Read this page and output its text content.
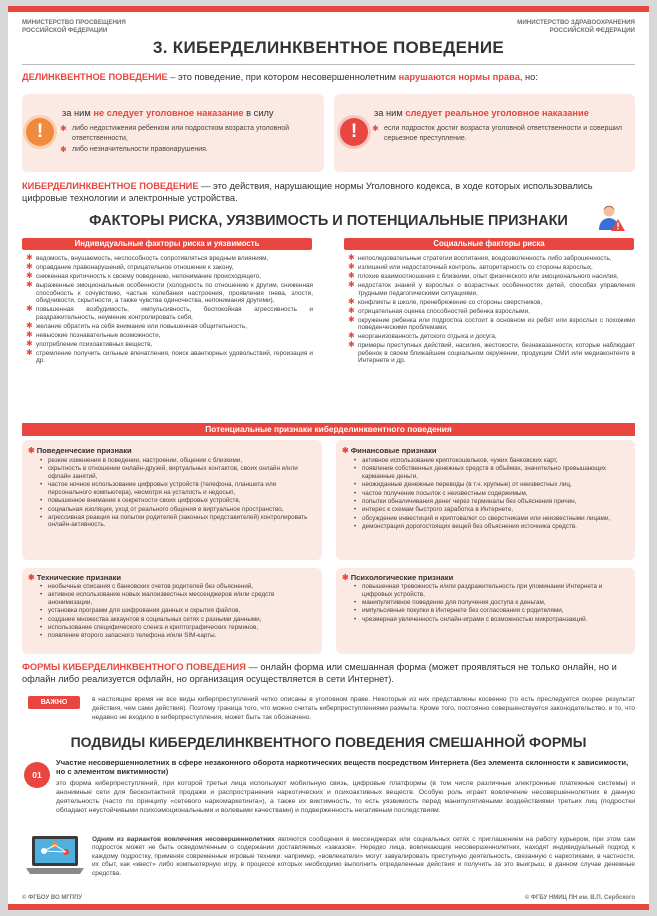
МИНИСТЕРСТВО ПРОСВЕЩЕНИЯ
РОССИЙСКОЙ ФЕДЕРАЦИИ
МИНИСТЕРСТВО ЗДРАВООХРАНЕНИЯ
РОССИЙСКОЙ ФЕДЕРАЦИИ
3. КИБЕРДЕЛИНКВЕНТНОЕ ПОВЕДЕНИЕ
ДЕЛИНКВЕНТНОЕ ПОВЕДЕНИЕ – это поведение, при котором несовершеннолетним нарушаются нормы права, но:
!
за ним не следует уголовное наказание в силу
✱ либо недостижения ребенком или подростком возраста уголовной ответственности,
✱ либо незначительности правонарушения.
!
за ним следует реальное уголовное наказание
✱ если подросток достиг возраста уголовной ответственности и совершил серьезное преступление.
КИБЕРДЕЛИНКВЕНТНОЕ ПОВЕДЕНИЕ — это действия, нарушающие нормы Уголовного кодекса, в ходе которых использовались цифровые технологии и электронные устройства.
ФАКТОРЫ РИСКА, УЯЗВИМОСТЬ И ПОТЕНЦИАЛЬНЫЕ ПРИЗНАКИ
Индивидуальные факторы риска и уязвимость
✱ ведомость, внушаемость, неспособность сопротивляться вредным влияниям,
✱ оправдание правонарушений, отрицательное отношение к закону,
✱ сниженная критичность к своему поведению, непонимание происходящего,
✱ выраженные эмоциональные особенности (холодность по отношению к другим, сниженная способность к сочувствию, частые колебания настроения, проявления гнева, злости, обидчивости, скрытности, а также чувства одиночества, непонимания другими),
✱ повышенная возбудимость, импульсивность, беспокойная агрессивность и раздражительность, неумение контролировать себя,
✱ желание обратить на себя внимание или повышенная общительность,
✱ невысокие познавательные возможности,
✱ употребление психоактивных веществ,
✱ стремление получить сильные впечатления, поиск авантюрных удовольствий, героизация и др.
Социальные факторы риска
✱ непоследовательные стратегии воспитания, вседозволенность либо заброшенность,
✱ излишний или недостаточный контроль, авторитарность со стороны взрослых,
✱ плохие взаимоотношения с близкими, опыт физического или эмоционального насилия,
✱ недостаток знаний у взрослых о возрастных особенностях детей, способах управления трудными педагогическими ситуациями,
✱ конфликты в школе, пренебрежение со стороны сверстников,
✱ отрицательная оценка способностей ребенка взрослыми,
✱ окружение ребенка или подростка состоит в основном из ребят или взрослых с похожими поведенческими проблемами,
✱ неорганизованность детского отдыха и досуга,
✱ примеры преступных действий, насилия, жестокости, безнаказанности, которые наблюдает ребенок в своем ближайшем социальном окружении, продукции СМИ или медиаконтенте в Интернете и др.
Потенциальные признаки киберделинквентного поведения
✱ Поведенческие признаки
• резкие изменения в поведении, настроении, общении с близкими,
• скрытность в отношении онлайн-друзей, виртуальных контактов, своих онлайн и/или офлайн занятий,
• частое ночное использование цифровых устройств (телефона, планшета или персонального компьютера), несмотря на усталость и недосып,
• повышенное внимание к секретности своих цифровых устройств,
• социальная изоляция, уход от реального общения в виртуальное пространство,
• агрессивная реакция на попытки родителей (законных представителей) контролировать онлайн-активность.
✱ Финансовые признаки
• активное использование криптокошельков, чужих банковских карт,
• появление собственных денежных средств в объёмах, значительно превышающих карманные деньги,
• неожиданные денежные переводы (в т.ч. крупные) от неизвестных лиц,
• частое получение посылок с неизвестным содержимым,
• попытки обналичивания денег через терминалы без объяснения причин,
• интерес к схемам быстрого заработка в Интернете,
• обсуждение инвестиций и криптовалют со сверстниками или неизвестными лицами,
• демонстрация дорогостоящих вещей без объяснения источника средств.
✱ Технические признаки
• необычные списания с банковских счетов родителей без объяснений,
• активное использование новых малоизвестных мессенджеров и/или средств анонимизации,
• установка программ для шифрования данных и скрытия файлов,
• создание множества аккаунтов в социальных сетях с разными данными,
• использование специфического сленга и криптографических терминов,
• появление второго запасного телефона и/или SIM-карты.
✱ Психологические признаки
• повышенная тревожность и/или раздражительность при упоминании Интернета и цифровых устройств,
• манипулятивное поведение для получения доступа к деньгам,
• импульсивные покупки в Интернете без согласования с родителями,
• чрезмерная увлеченность онлайн-играми с возможностью микротранзакций.
ФОРМЫ КИБЕРДЕЛИНКВЕНТНОГО ПОВЕДЕНИЯ — онлайн форма или смешанная форма (может проявляться не только онлайн, но и офлайн либо реализуется офлайн, но организация осуществляется в сети Интернет).
ВАЖНО	в настоящее время не все виды киберпреступлений четко описаны в уголовном праве. Некоторые из них представлены косвенно (то есть преследуется скорее результат действия, чем сами действия). Поэтому граница того, что можно считать киберпреступлениями размыта. Кроме того, постоянно совершенствуется законодательство, и то, что недавно не входило в киберпреступления, может быть так обозначено.
ПОДВИДЫ КИБЕРДЕЛИНКВЕНТНОГО ПОВЕДЕНИЯ СМЕШАННОЙ ФОРМЫ
01
Участие несовершеннолетних в сфере незаконного оборота наркотических веществ посредством Интернета (без элемента склонности к зависимости, но с элементом виктимности)
это форма киберпреступлений, при которой третьи лица используют мобильную связь, цифровые платформы (в том числе различные электронные платежные системы) и анонимные сети для бесконтактной продажи и распространения наркотических и психоактивных веществ. Особую роль играет вовлечение несовершеннолетних в данную деятельность (часто по принципу «сетевого наркомаркетинга»), а также их виктимность, то есть уязвимость перед манипулятивными воздействиями третьих лиц (подростки обладают неустойчивыми психоэмоциональными и волевыми качествами) и подверженность негативным последствиям.
Одним из вариантов вовлечения несовершеннолетних являются сообщения в мессенджерах или социальных сетях с приглашением на работу курьером, при этом сам подросток может не быть осведомленным о содержании доставляемых «заказов». Нередко лица, вовлекающие несовершеннолетних, находят индивидуальный подход к каждому подростку, применяя современные игровые техники: например, «вовлекатели» могут завуалировать преступную деятельность, связанную с наркотиками, в частности, их сбыт, как «квест» либо компьютерную игру, в процессе которых необходимо выполнить определенные действия и получить за это выигрыш, в данном случае денежные средства.
© ФГБОУ ВО МГППУ	© ФГБУ НМИЦ ПН им. В.П. Сербского
